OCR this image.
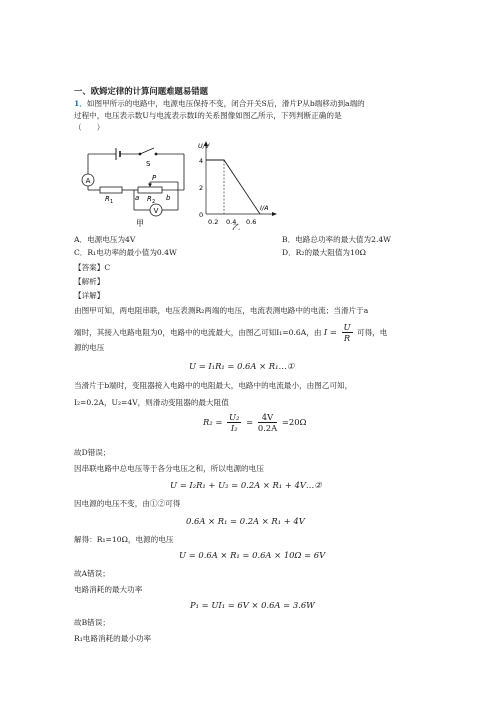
一、欧姆定律的计算问题难题易错题
1．如图甲所示的电路中，电源电压保持不变，闭合开关S后，滑片P从b端移动到a端的
过程中，电压表示数U与电流表示数I的关系图像如图乙所示，下列判断正确的是
（　　）
A
V
S
P
R 1	R 2
a	b
甲
U/V
I/A
4
2
0
0.2 0.4 0.6
乙
A．电源电压为4V	B．电路总功率的最大值为2.4W
C．R₁电功率的最小值为0.4W	D．R₂的最大阻值为10Ω
【答案】C
【解析】
【详解】
由图甲可知，两电阻串联，电压表测R₂两端的电压，电流表测电路中的电流；当滑片于a
端时，其接入电路电阻为0，电路中的电流最大，由图乙可知I₁=0.6A，由 $I = \frac{U}{R}$ 可得，电
源的电压
U = I₁R₁ = 0.6A × R₁…①
当滑片于b端时，变阻器接入电路中的电阻最大，电路中的电流最小，由图乙可知，
I₂=0.2A，U₂=4V，则滑动变阻器的最大阻值
$R_2 = \frac{\text{U₂}}{\text{I₂}} = \frac{4V}{0.2A} =20\Omega$
故D错误；
因串联电路中总电压等于各分电压之和，所以电源的电压
U = I₂R₁ + U₂ = 0.2A × R₁ + 4V…②
因电源的电压不变，由①②可得
0.6A × R₁ = 0.2A × R₁ + 4V
解得：R₁=10Ω，电源的电压
U = 0.6A × R₁ = 0.6A × 10Ω = 6V
故A错误；
电路消耗的最大功率
P₁ = UI₁ = 6V × 0.6A = 3.6W
故B错误；
R₁电路消耗的最小功率
